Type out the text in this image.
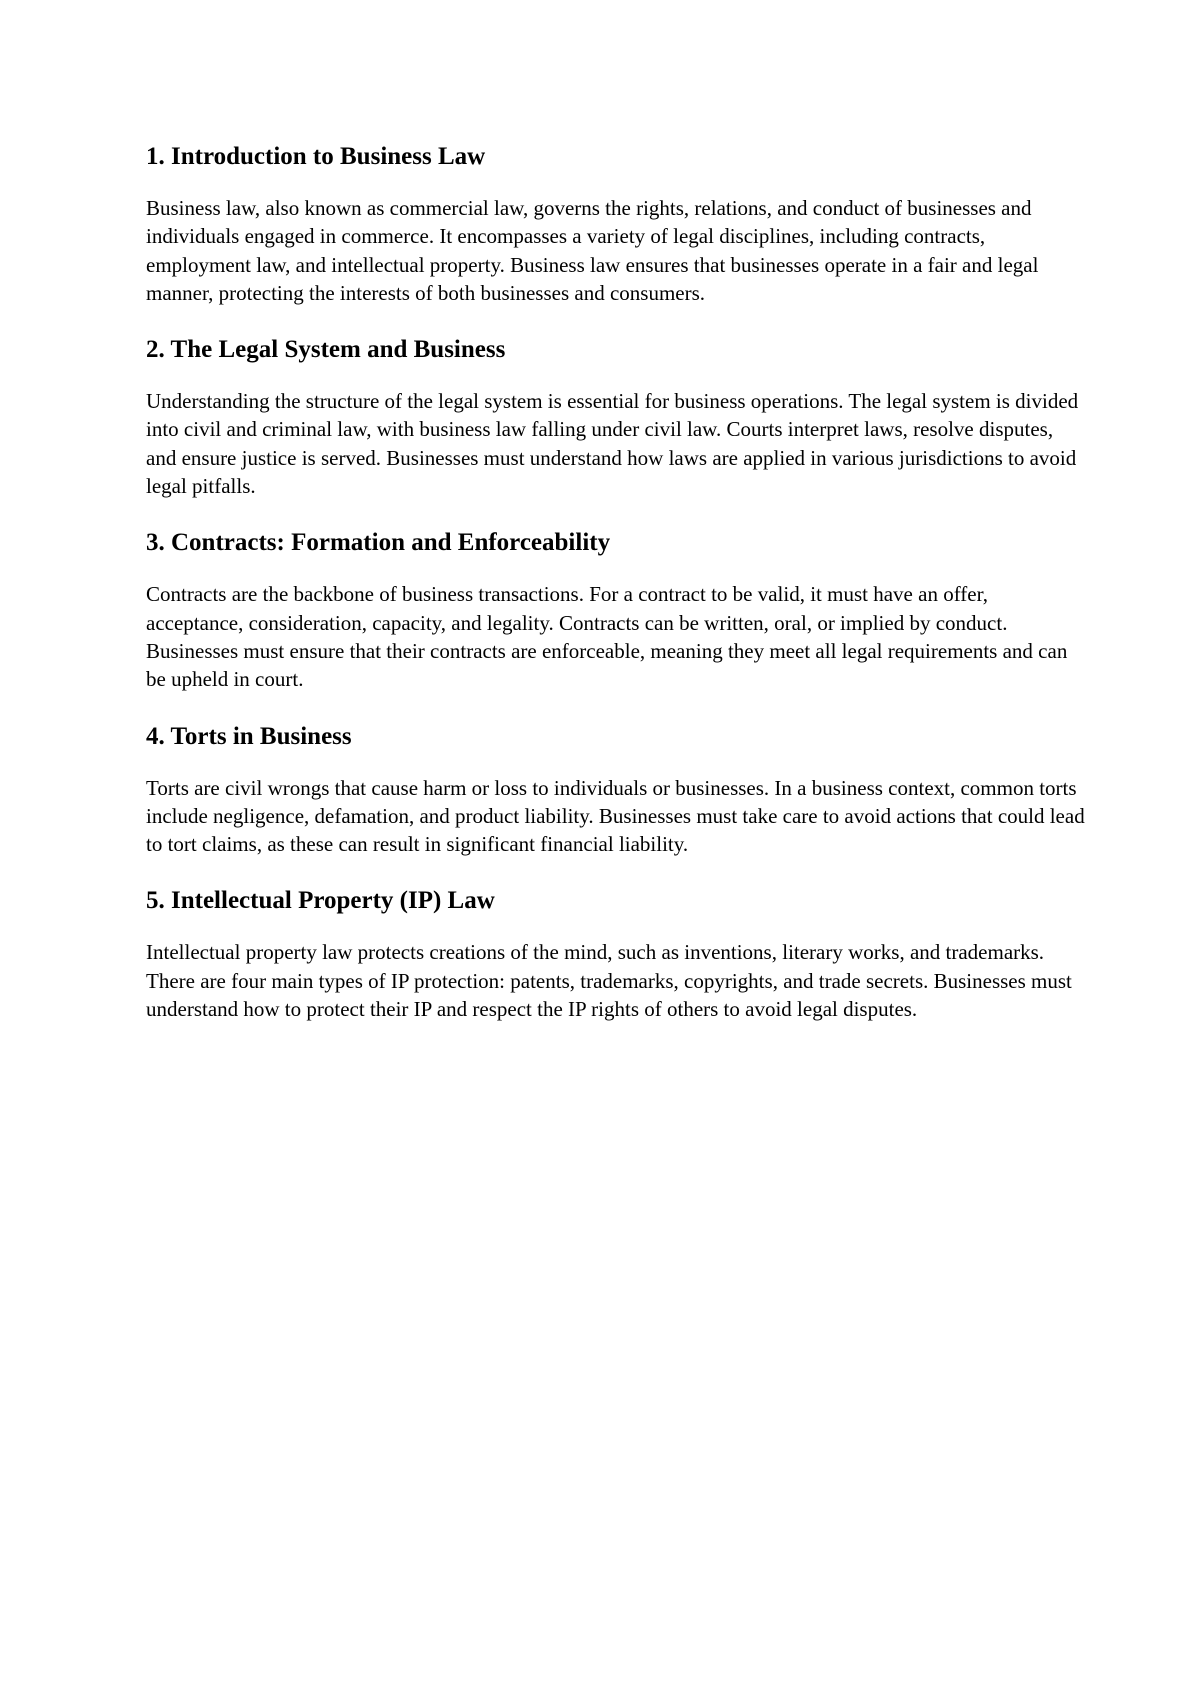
1. Introduction to Business Law

Business law, also known as commercial law, governs the rights, relations, and conduct of businesses and individuals engaged in commerce. It encompasses a variety of legal disciplines, including contracts, employment law, and intellectual property. Business law ensures that businesses operate in a fair and legal manner, protecting the interests of both businesses and consumers.

2. The Legal System and Business

Understanding the structure of the legal system is essential for business operations. The legal system is divided into civil and criminal law, with business law falling under civil law. Courts interpret laws, resolve disputes, and ensure justice is served. Businesses must understand how laws are applied in various jurisdictions to avoid legal pitfalls.

3. Contracts: Formation and Enforceability

Contracts are the backbone of business transactions. For a contract to be valid, it must have an offer, acceptance, consideration, capacity, and legality. Contracts can be written, oral, or implied by conduct. Businesses must ensure that their contracts are enforceable, meaning they meet all legal requirements and can be upheld in court.

4. Torts in Business

Torts are civil wrongs that cause harm or loss to individuals or businesses. In a business context, common torts include negligence, defamation, and product liability. Businesses must take care to avoid actions that could lead to tort claims, as these can result in significant financial liability.

5. Intellectual Property (IP) Law

Intellectual property law protects creations of the mind, such as inventions, literary works, and trademarks. There are four main types of IP protection: patents, trademarks, copyrights, and trade secrets. Businesses must understand how to protect their IP and respect the IP rights of others to avoid legal disputes.
